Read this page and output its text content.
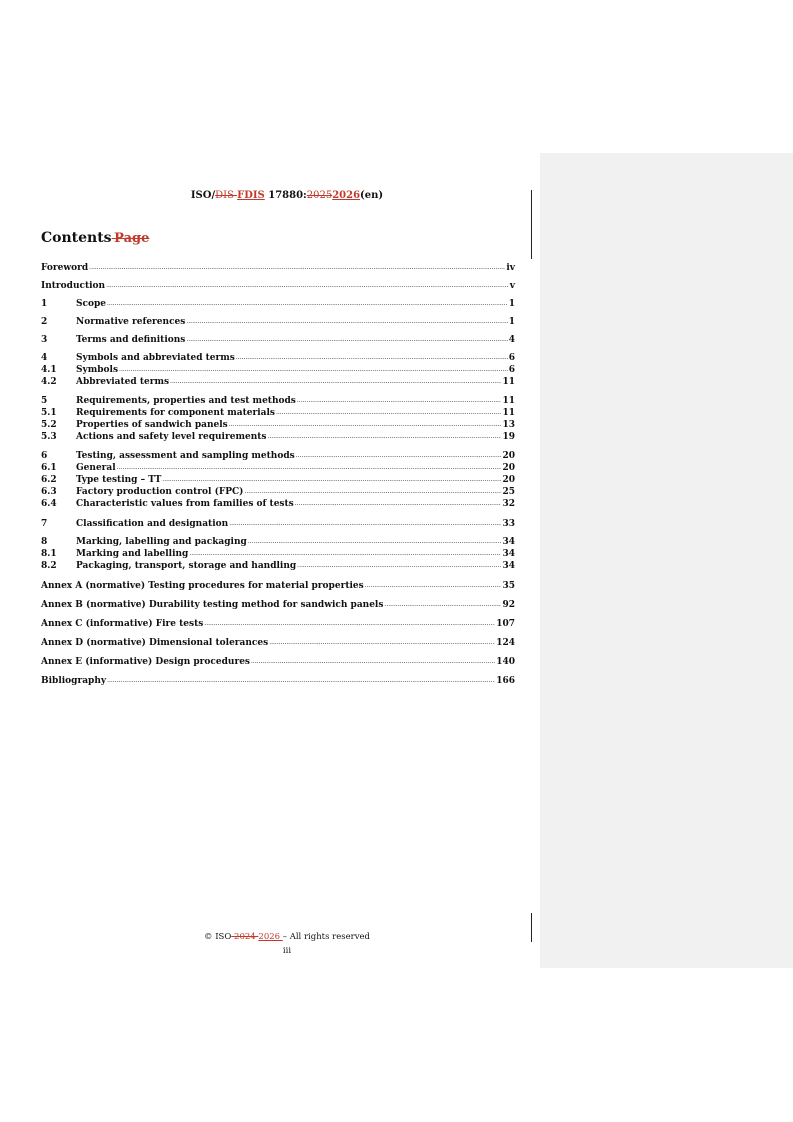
ISO/DIS FDIS 17880:20252026(en)
Contents   Page
Foreword .....	iv
Introduction .....	v
1	Scope .....	1
2	Normative references .....	1
3	Terms and definitions .....	4
4	Symbols and abbreviated terms .....	6
4.1	Symbols .....	6
4.2	Abbreviated terms .....	11
5	Requirements, properties and test methods .....	11
5.1	Requirements for component materials .....	11
5.2	Properties of sandwich panels .....	13
5.3	Actions and safety level requirements .....	19
6	Testing, assessment and sampling methods .....	20
6.1	General .....	20
6.2	Type testing – TT .....	20
6.3	Factory production control (FPC) .....	25
6.4	Characteristic values from families of tests .....	32
7	Classification and designation .....	33
8	Marking, labelling and packaging .....	34
8.1	Marking and labelling .....	34
8.2	Packaging, transport, storage and handling .....	34
Annex A (normative) Testing procedures for material properties .....	35
Annex B (normative) Durability testing method for sandwich panels .....	92
Annex C (informative) Fire tests .....	107
Annex D (normative) Dimensional tolerances .....	124
Annex E (informative) Design procedures .....	140
Bibliography .....	166
© ISO 2024 2026 – All rights reserved
iii
